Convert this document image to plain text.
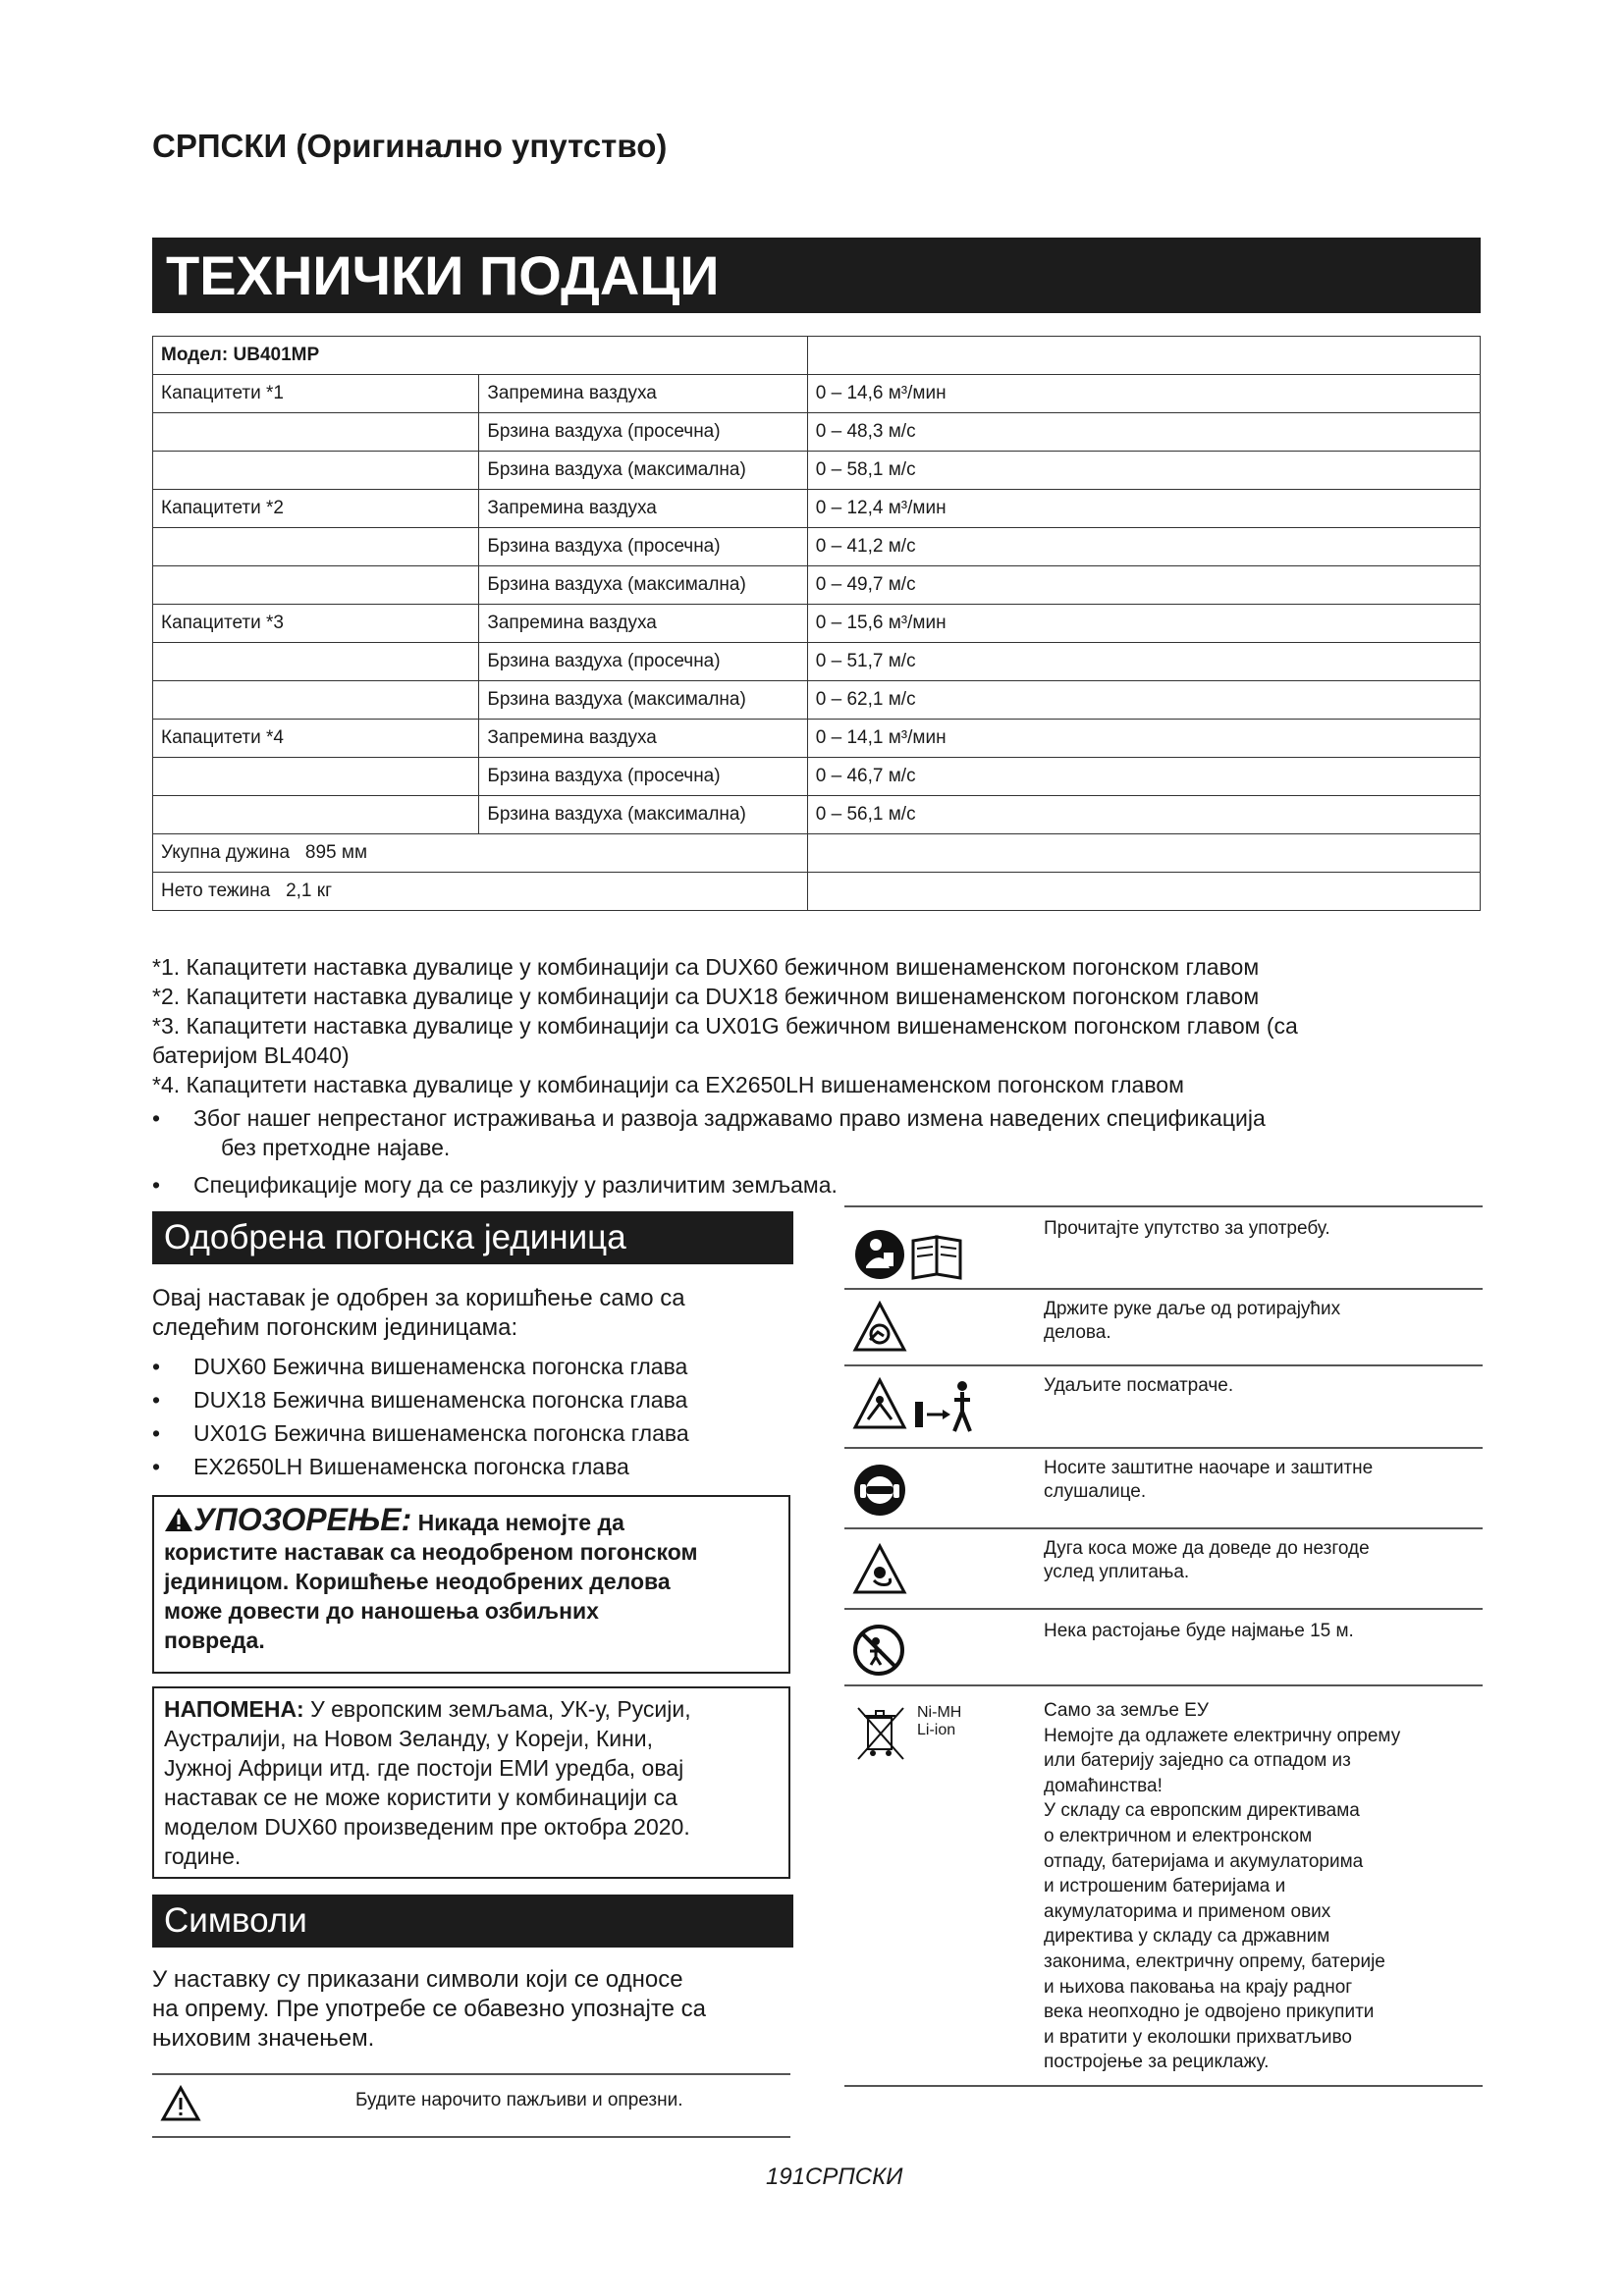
СРПСКИ (Оригинално упутство)
ТЕХНИЧКИ ПОДАЦИ
Модел: UB401MP		
Капацитети *1	Запремина ваздуха	0 – 14,6 м³/мин
	Брзина ваздуха (просечна)	0 – 48,3 м/с
	Брзина ваздуха (максимална)	0 – 58,1 м/с
Капацитети *2	Запремина ваздуха	0 – 12,4 м³/мин
	Брзина ваздуха (просечна)	0 – 41,2 м/с
	Брзина ваздуха (максимална)	0 – 49,7 м/с
Капацитети *3	Запремина ваздуха	0 – 15,6 м³/мин
	Брзина ваздуха (просечна)	0 – 51,7 м/с
	Брзина ваздуха (максимална)	0 – 62,1 м/с
Капацитети *4	Запремина ваздуха	0 – 14,1 м³/мин
	Брзина ваздуха (просечна)	0 – 46,7 м/с
	Брзина ваздуха (максимална)	0 – 56,1 м/с
Укупна дужина 895 мм		
Нето тежина 2,1 кг		
*1. Капацитети наставка дувалице у комбинацији са DUX60 бежичном вишенаменском погонском главом
*2. Капацитети наставка дувалице у комбинацији са DUX18 бежичном вишенаменском погонском главом
*3. Капацитети наставка дувалице у комбинацији са UX01G бежичном вишенаменском погонском главом (са
батеријом BL4040)
*4. Капацитети наставка дувалице у комбинацији са EX2650LH вишенаменском погонском главом
• Због нашег непрестаног истраживања и развоја задржавамо право измена наведених спецификација
без претходне најаве.
• Спецификације могу да се разликују у различитим земљама.
Одобрена погонска јединица
Овај наставак је одобрен за коришћење само са
следећим погонским јединицама:
• DUX60 Бежична вишенаменска погонска глава
• DUX18 Бежична вишенаменска погонска глава
• UX01G Бежична вишенаменска погонска глава
• EX2650LH Вишенаменска погонска глава
УПОЗОРЕЊЕ: Никада немојте да
користите наставак са неодобреном погонском
јединицом. Коришћење неодобрених делова
може довести до наношења озбиљних
повреда.
НАПОМЕНА: У европским земљама, УК-у, Русији,
Аустралији, на Новом Зеланду, у Кореји, Кини,
Јужној Африци итд. где постоји ЕМИ уредба, овај
наставак се не може користити у комбинацији са
моделом DUX60 произведеним пре октобра 2020.
године.
Символи
У наставку су приказани символи који се односе
на опрему. Пре употребе се обавезно упознајте са
њиховим значењем.
Будите нарочито пажљиви и опрезни.
Прочитајте упутство за употребу.
Држите руке даље од ротирајућих
делова.
Удаљите посматраче.
Носите заштитне наочаре и заштитне
слушалице.
Дуга коса може да доведе до незгоде
услед уплитања.
Нека растојање буде најмање 15 м.
Ni-MH
Li-ion
Само за земље ЕУ
Немојте да одлажете електричну опрему
или батерију заједно са отпадом из
домаћинства!
У складу са европским директивама
о електричном и електронском
отпаду, батеријама и акумулаторима
и истрошеним батеријама и
акумулаторима и применом ових
директива у складу са државним
законима, електричну опрему, батерије
и њихова паковања на крају радног
века неопходно је одвојено прикупити
и вратити у еколошки прихватљиво
постројење за рециклажу.
191СРПСКИ
